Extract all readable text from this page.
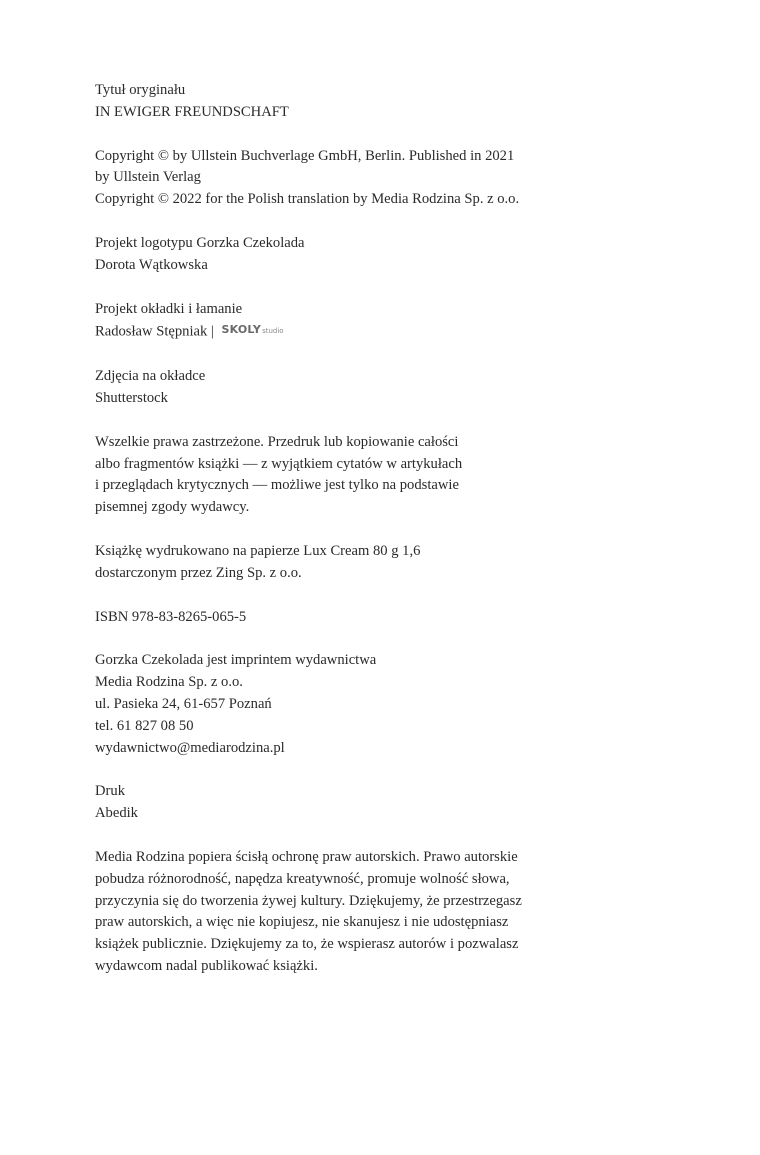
Tytuł oryginału
IN EWIGER FREUNDSCHAFT
Copyright © by Ullstein Buchverlage GmbH, Berlin. Published in 2021
by Ullstein Verlag
Copyright © 2022 for the Polish translation by Media Rodzina Sp. z o.o.
Projekt logotypu Gorzka Czekolada
Dorota Wątkowska
Projekt okładki i łamanie
Radosław Stępniak | SKOLYstudio
Zdjęcia na okładce
Shutterstock
Wszelkie prawa zastrzeżone. Przedruk lub kopiowanie całości
albo fragmentów książki — z wyjątkiem cytatów w artykułach
i przeglądach krytycznych — możliwe jest tylko na podstawie
pisemnej zgody wydawcy.
Książkę wydrukowano na papierze Lux Cream 80 g 1,6
dostarczonym przez Zing Sp. z o.o.
ISBN 978-83-8265-065-5
Gorzka Czekolada jest imprintem wydawnictwa
Media Rodzina Sp. z o.o.
ul. Pasieka 24, 61-657 Poznań
tel. 61 827 08 50
wydawnictwo@mediarodzina.pl
Druk
Abedik
Media Rodzina popiera ścisłą ochronę praw autorskich. Prawo autorskie
pobudza różnorodność, napędza kreatywność, promuje wolność słowa,
przyczynia się do tworzenia żywej kultury. Dziękujemy, że przestrzegasz
praw autorskich, a więc nie kopiujesz, nie skanujesz i nie udostępniasz
książek publicznie. Dziękujemy za to, że wspierasz autorów i pozwalasz
wydawcom nadal publikować książki.
